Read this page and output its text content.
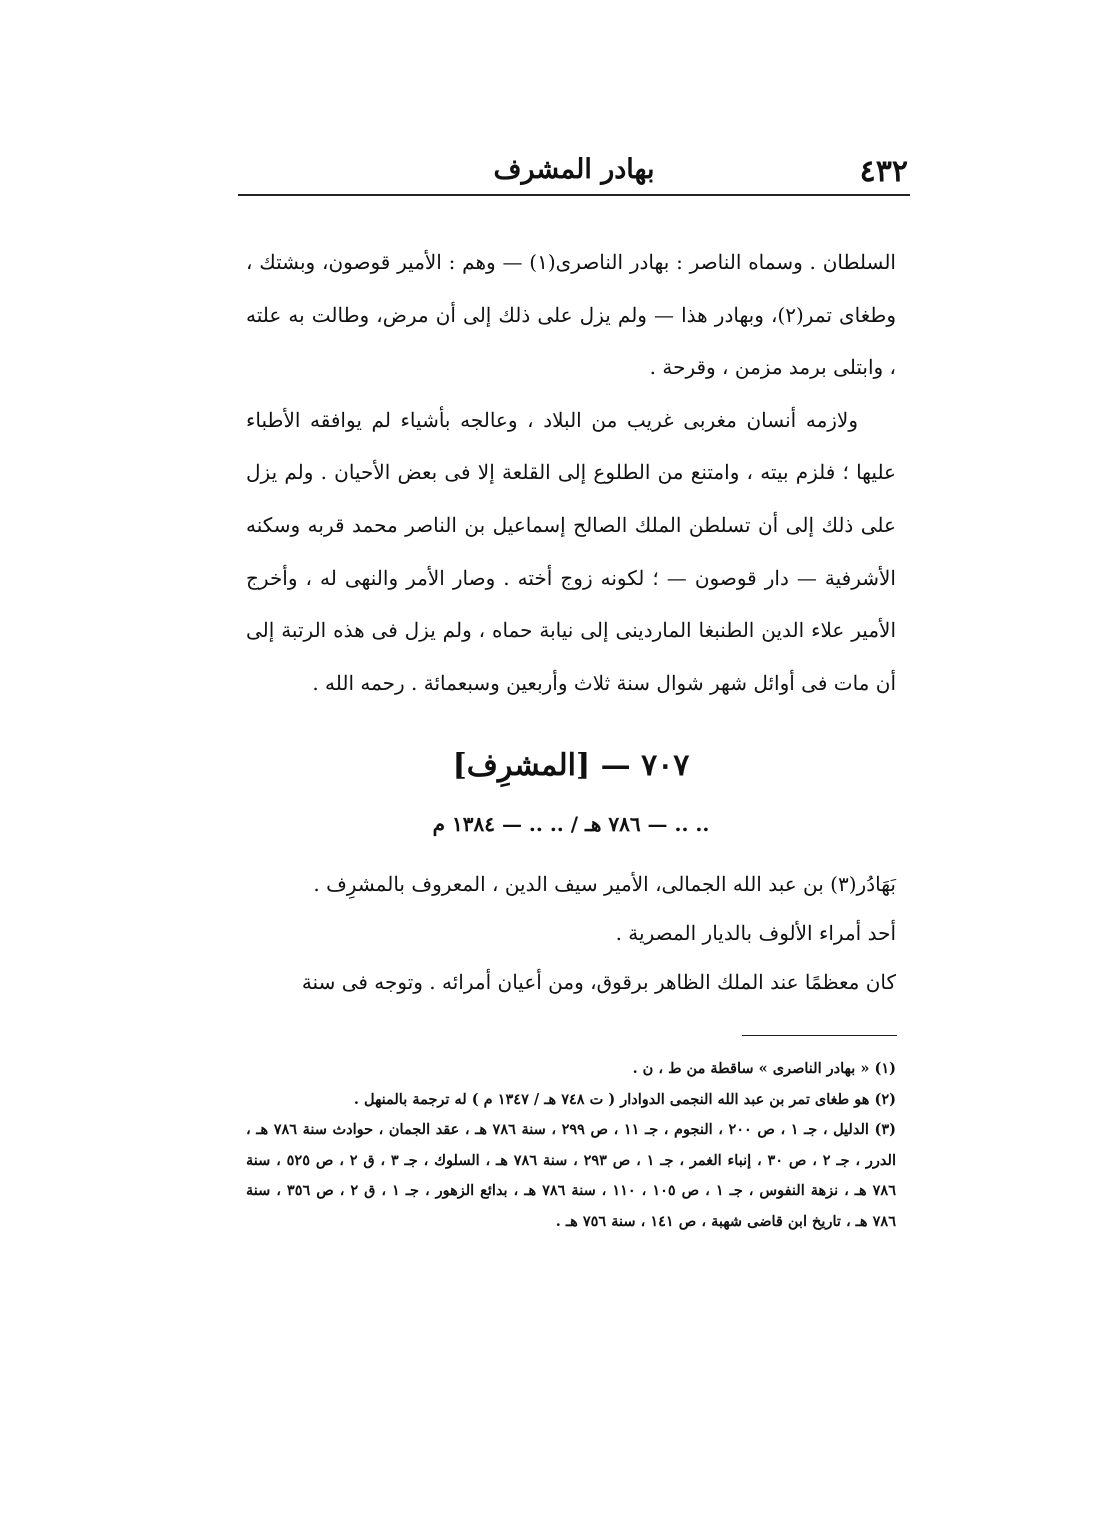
٤٣٢
بهادر المشرف

السلطان . وسماه الناصر : بهادر الناصرى(١) — وهم : الأمير قوصون، وبشتك ، وطغاى تمر(٢)، وبهادر هذا — ولم يزل على ذلك إلى أن مرض، وطالت به علته ، وابتلى برمد مزمن ، وقرحة .

ولازمه أنسان مغربى غريب من البلاد ، وعالجه بأشياء لم يوافقه الأطباء عليها ؛ فلزم بيته ، وامتنع من الطلوع إلى القلعة إلا فى بعض الأحيان . ولم يزل على ذلك إلى أن تسلطن الملك الصالح إسماعيل بن الناصر محمد قربه وسكنه الأشرفية — دار قوصون — ؛ لكونه زوج أخته . وصار الأمر والنهى له ، وأخرج الأمير علاء الدين الطنبغا الماردينى إلى نيابة حماه ، ولم يزل فى هذه الرتبة إلى أن مات فى أوائل شهر شوال سنة ثلاث وأربعين وسبعمائة . رحمه الله .

٧٠٧ — [المشرِف]
.. .. — ٧٨٦ هـ / .. .. — ١٣٨٤ م

بَهَادُر(٣) بن عبد الله الجمالى، الأمير سيف الدين ، المعروف بالمشرِف .

أحد أمراء الألوف بالديار المصرية .

كان معظمًا عند الملك الظاهر برقوق، ومن أعيان أمرائه . وتوجه فى سنة

(١) « بهادر الناصرى » ساقطة من ط ، ن .

(٢) هو طغاى تمر بن عبد الله النجمى الدوادار ( ت ٧٤٨ هـ / ١٣٤٧ م ) له ترجمة بالمنهل .

(٣) الدليل ، جـ ١ ، ص ٢٠٠ ، النجوم ، جـ ١١ ، ص ٢٩٩ ، سنة ٧٨٦ هـ ، عقد الجمان ، حوادث سنة ٧٨٦ هـ ، الدرر ، جـ ٢ ، ص ٣٠ ، إنباء الغمر ، جـ ١ ، ص ٢٩٣ ، سنة ٧٨٦ هـ ، السلوك ، جـ ٣ ، ق ٢ ، ص ٥٢٥ ، سنة ٧٨٦ هـ ، نزهة النفوس ، جـ ١ ، ص ١٠٥ ، ١١٠ ، سنة ٧٨٦ هـ ، بدائع الزهور ، جـ ١ ، ق ٢ ، ص ٣٥٦ ، سنة ٧٨٦ هـ ، تاريخ ابن قاضى شهبة ، ص ١٤١ ، سنة ٧٥٦ هـ .
